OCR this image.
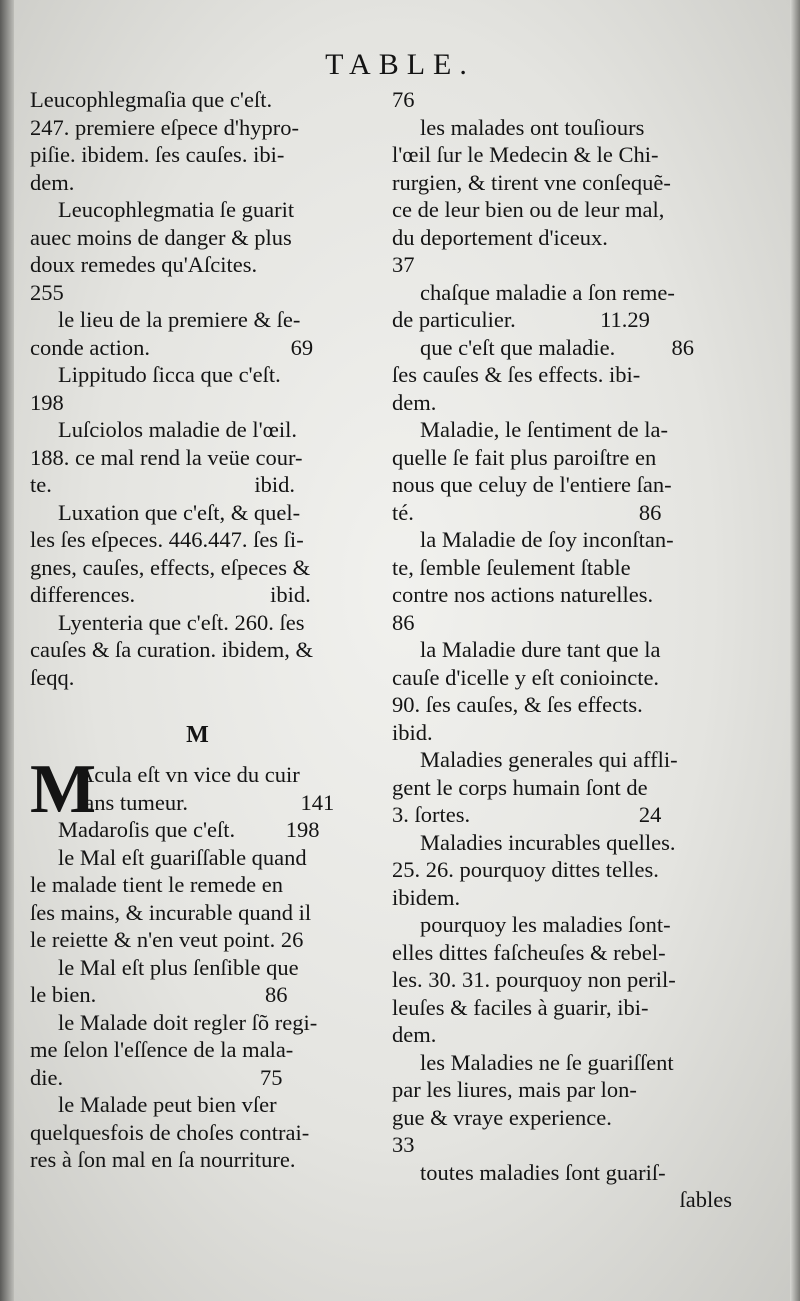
TABLE.
Leucophlegmaſia que c'eſt.
247. premiere eſpece d'hypro-
piſie. ibidem. ſes cauſes. ibi-
dem.
Leucophlegmatia ſe guarit
auec moins de danger & plus
doux remedes qu'Aſcites.
255
le lieu de la premiere & ſe-
conde action.                         69
Lippitudo ſicca que c'eſt.
198
Luſciolos maladie de l'œil.
188. ce mal rend la veüe cour-
te.                                    ibid.
Luxation que c'eſt, & quel-
les ſes eſpeces. 446.447. ſes ſi-
gnes, cauſes, effects, eſpeces &
differences.                        ibid.
Lyenteria que c'eſt. 260. ſes
cauſes & ſa curation. ibidem, &
ſeqq.
M
M
Acula eſt vn vice du cuir
ſans tumeur.                    141
Madaroſis que c'eſt.         198
le Mal eſt guariſſable quand
le malade tient le remede en
ſes mains, & incurable quand il
le reiette & n'en veut point. 26
le Mal eſt plus ſenſible que
le bien.                              86
le Malade doit regler ſõ regi-
me ſelon l'eſſence de la mala-
die.                                   75
le Malade peut bien vſer
quelquesfois de choſes contrai-
res à ſon mal en ſa nourriture.
76
les malades ont touſiours
l'œil ſur le Medecin & le Chi-
rurgien, & tirent vne conſequẽ-
ce de leur bien ou de leur mal,
du deportement d'iceux.
37
chaſque maladie a ſon reme-
de particulier.               11.29
que c'eſt que maladie.          86
ſes cauſes & ſes effects. ibi-
dem.
Maladie, le ſentiment de la-
quelle ſe fait plus paroiſtre en
nous que celuy de l'entiere ſan-
té.                                        86
la Maladie de ſoy inconſtan-
te, ſemble ſeulement ſtable
contre nos actions naturelles.
86
la Maladie dure tant que la
cauſe d'icelle y eſt conioincte.
90. ſes cauſes, & ſes effects.
ibid.
Maladies generales qui affli-
gent le corps humain ſont de
3. ſortes.                              24
Maladies incurables quelles.
25. 26. pourquoy dittes telles.
ibidem.
pourquoy les maladies ſont-
elles dittes faſcheuſes & rebel-
les. 30. 31. pourquoy non peril-
leuſes & faciles à guarir, ibi-
dem.
les Maladies ne ſe guariſſent
par les liures, mais par lon-
gue & vraye experience.
33
toutes maladies ſont guariſ-
ſables
